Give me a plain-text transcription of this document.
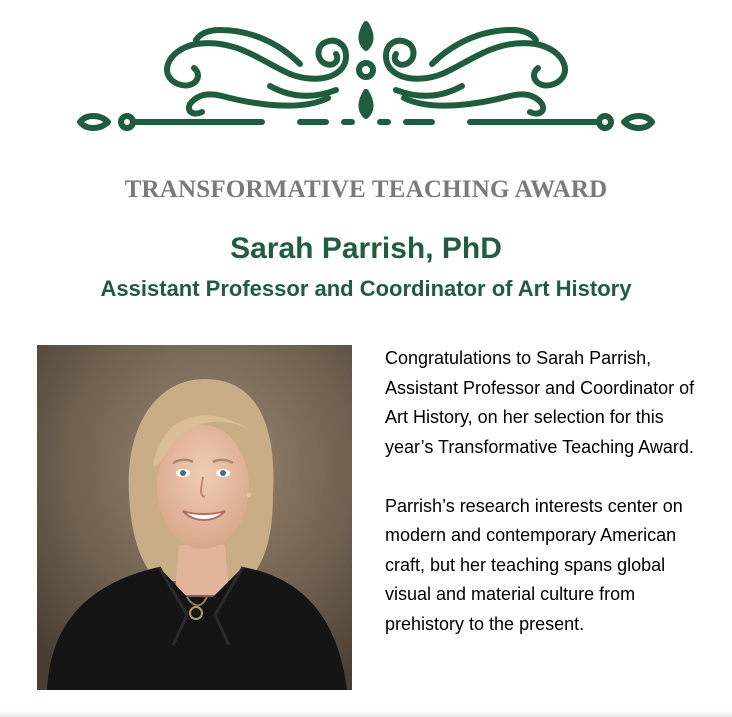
TRANSFORMATIVE TEACHING AWARD
Sarah Parrish, PhD
Assistant Professor and Coordinator of Art History

Congratulations to Sarah Parrish, Assistant Professor and Coordinator of Art History, on her selection for this year’s Transformative Teaching Award.

Parrish’s research interests center on modern and contemporary American craft, but her teaching spans global visual and material culture from prehistory to the present.
